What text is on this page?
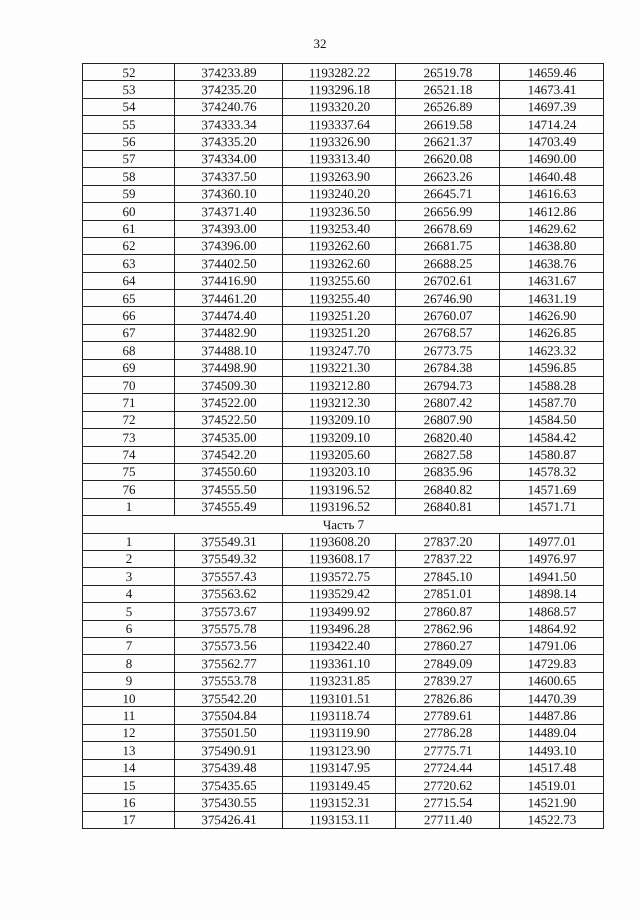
32
52	374233.89	1193282.22	26519.78	14659.46
53	374235.20	1193296.18	26521.18	14673.41
54	374240.76	1193320.20	26526.89	14697.39
55	374333.34	1193337.64	26619.58	14714.24
56	374335.20	1193326.90	26621.37	14703.49
57	374334.00	1193313.40	26620.08	14690.00
58	374337.50	1193263.90	26623.26	14640.48
59	374360.10	1193240.20	26645.71	14616.63
60	374371.40	1193236.50	26656.99	14612.86
61	374393.00	1193253.40	26678.69	14629.62
62	374396.00	1193262.60	26681.75	14638.80
63	374402.50	1193262.60	26688.25	14638.76
64	374416.90	1193255.60	26702.61	14631.67
65	374461.20	1193255.40	26746.90	14631.19
66	374474.40	1193251.20	26760.07	14626.90
67	374482.90	1193251.20	26768.57	14626.85
68	374488.10	1193247.70	26773.75	14623.32
69	374498.90	1193221.30	26784.38	14596.85
70	374509.30	1193212.80	26794.73	14588.28
71	374522.00	1193212.30	26807.42	14587.70
72	374522.50	1193209.10	26807.90	14584.50
73	374535.00	1193209.10	26820.40	14584.42
74	374542.20	1193205.60	26827.58	14580.87
75	374550.60	1193203.10	26835.96	14578.32
76	374555.50	1193196.52	26840.82	14571.69
1	374555.49	1193196.52	26840.81	14571.71
Часть 7				
1	375549.31	1193608.20	27837.20	14977.01
2	375549.32	1193608.17	27837.22	14976.97
3	375557.43	1193572.75	27845.10	14941.50
4	375563.62	1193529.42	27851.01	14898.14
5	375573.67	1193499.92	27860.87	14868.57
6	375575.78	1193496.28	27862.96	14864.92
7	375573.56	1193422.40	27860.27	14791.06
8	375562.77	1193361.10	27849.09	14729.83
9	375553.78	1193231.85	27839.27	14600.65
10	375542.20	1193101.51	27826.86	14470.39
11	375504.84	1193118.74	27789.61	14487.86
12	375501.50	1193119.90	27786.28	14489.04
13	375490.91	1193123.90	27775.71	14493.10
14	375439.48	1193147.95	27724.44	14517.48
15	375435.65	1193149.45	27720.62	14519.01
16	375430.55	1193152.31	27715.54	14521.90
17	375426.41	1193153.11	27711.40	14522.73
